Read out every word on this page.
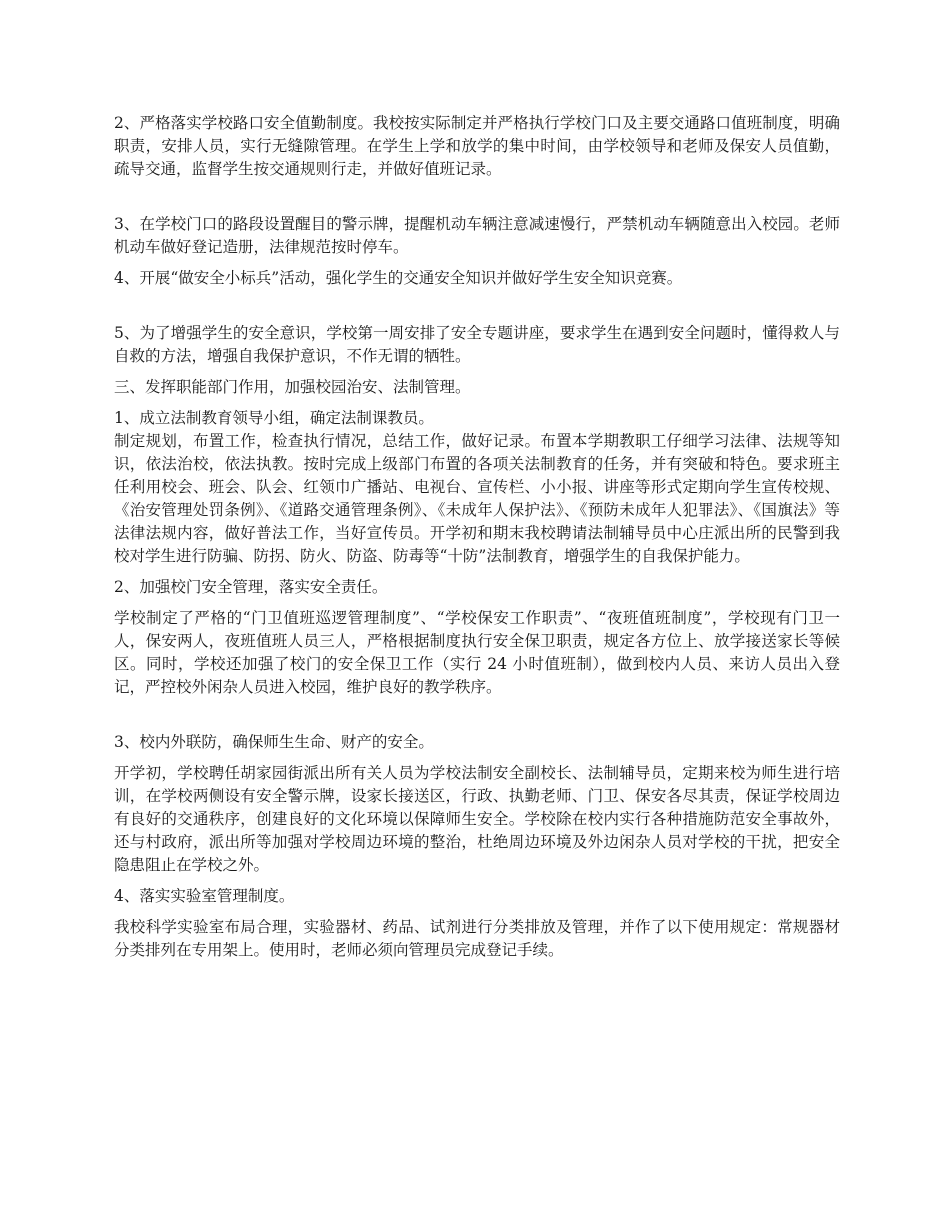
2、严格落实学校路口安全值勤制度。我校按实际制定并严格执行学校门口及主要交通路口值班制度，明确职责，安排人员，实行无缝隙管理。在学生上学和放学的集中时间，由学校领导和老师及保安人员值勤，疏导交通，监督学生按交通规则行走，并做好值班记录。

3、在学校门口的路段设置醒目的警示牌，提醒机动车辆注意减速慢行，严禁机动车辆随意出入校园。老师机动车做好登记造册，法律规范按时停车。

4、开展“做安全小标兵”活动，强化学生的交通安全知识并做好学生安全知识竞赛。

5、为了增强学生的安全意识，学校第一周安排了安全专题讲座，要求学生在遇到安全问题时，懂得救人与自救的方法，增强自我保护意识，不作无谓的牺牲。

三、发挥职能部门作用，加强校园治安、法制管理。

1、成立法制教育领导小组，确定法制课教员。

制定规划，布置工作，检查执行情况，总结工作，做好记录。布置本学期教职工仔细学习法律、法规等知识，依法治校，依法执教。按时完成上级部门布置的各项关法制教育的任务，并有突破和特色。要求班主任利用校会、班会、队会、红领巾广播站、电视台、宣传栏、小小报、讲座等形式定期向学生宣传校规、《治安管理处罚条例》、《道路交通管理条例》、《未成年人保护法》、《预防未成年人犯罪法》、《国旗法》等法律法规内容，做好普法工作，当好宣传员。开学初和期末我校聘请法制辅导员中心庄派出所的民警到我校对学生进行防骗、防拐、防火、防盗、防毒等“十防”法制教育，增强学生的自我保护能力。

2、加强校门安全管理，落实安全责任。

学校制定了严格的“门卫值班巡逻管理制度”、“学校保安工作职责”、“夜班值班制度”，学校现有门卫一人，保安两人，夜班值班人员三人，严格根据制度执行安全保卫职责，规定各方位上、放学接送家长等候区。同时，学校还加强了校门的安全保卫工作（实行 24 小时值班制），做到校内人员、来访人员出入登记，严控校外闲杂人员进入校园，维护良好的教学秩序。

3、校内外联防，确保师生生命、财产的安全。

开学初，学校聘任胡家园街派出所有关人员为学校法制安全副校长、法制辅导员，定期来校为师生进行培训，在学校两侧设有安全警示牌，设家长接送区，行政、执勤老师、门卫、保安各尽其责，保证学校周边有良好的交通秩序，创建良好的文化环境以保障师生安全。学校除在校内实行各种措施防范安全事故外，还与村政府，派出所等加强对学校周边环境的整治，杜绝周边环境及外边闲杂人员对学校的干扰，把安全隐患阻止在学校之外。

4、落实实验室管理制度。

我校科学实验室布局合理，实验器材、药品、试剂进行分类排放及管理，并作了以下使用规定：常规器材分类排列在专用架上。使用时，老师必须向管理员完成登记手续。
